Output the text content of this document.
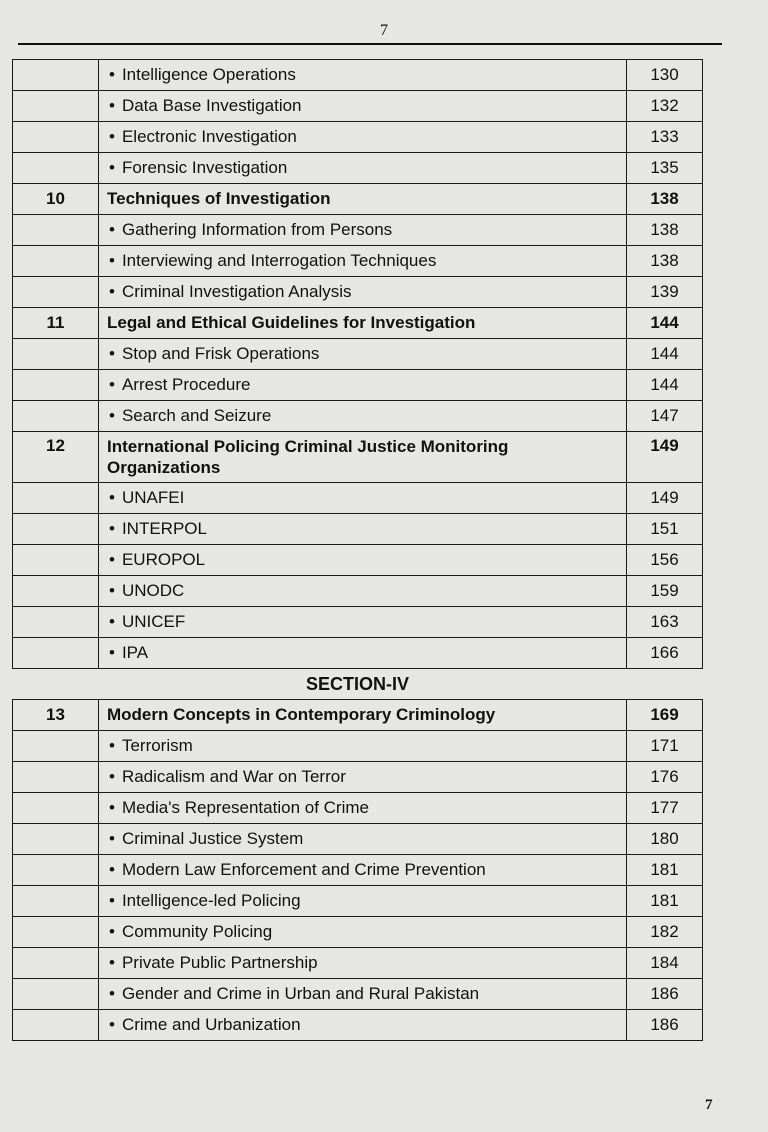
7
	• Intelligence Operations	130
	• Data Base Investigation	132
	• Electronic Investigation	133
	• Forensic Investigation	135
10	Techniques of Investigation	138
	• Gathering Information from Persons	138
	• Interviewing and Interrogation Techniques	138
	• Criminal Investigation Analysis	139
11	Legal and Ethical Guidelines for Investigation	144
	• Stop and Frisk Operations	144
	• Arrest Procedure	144
	• Search and Seizure	147
12	International Policing Criminal Justice Monitoring Organizations	149
	• UNAFEI	149
	• INTERPOL	151
	• EUROPOL	156
	• UNODC	159
	• UNICEF	163
	• IPA	166
SECTION-IV		
13	Modern Concepts in Contemporary Criminology	169
	• Terrorism	171
	• Radicalism and War on Terror	176
	• Media's Representation of Crime	177
	• Criminal Justice System	180
	• Modern Law Enforcement and Crime Prevention	181
	• Intelligence-led Policing	181
	• Community Policing	182
	• Private Public Partnership	184
	• Gender and Crime in Urban and Rural Pakistan	186
	• Crime and Urbanization	186
7
